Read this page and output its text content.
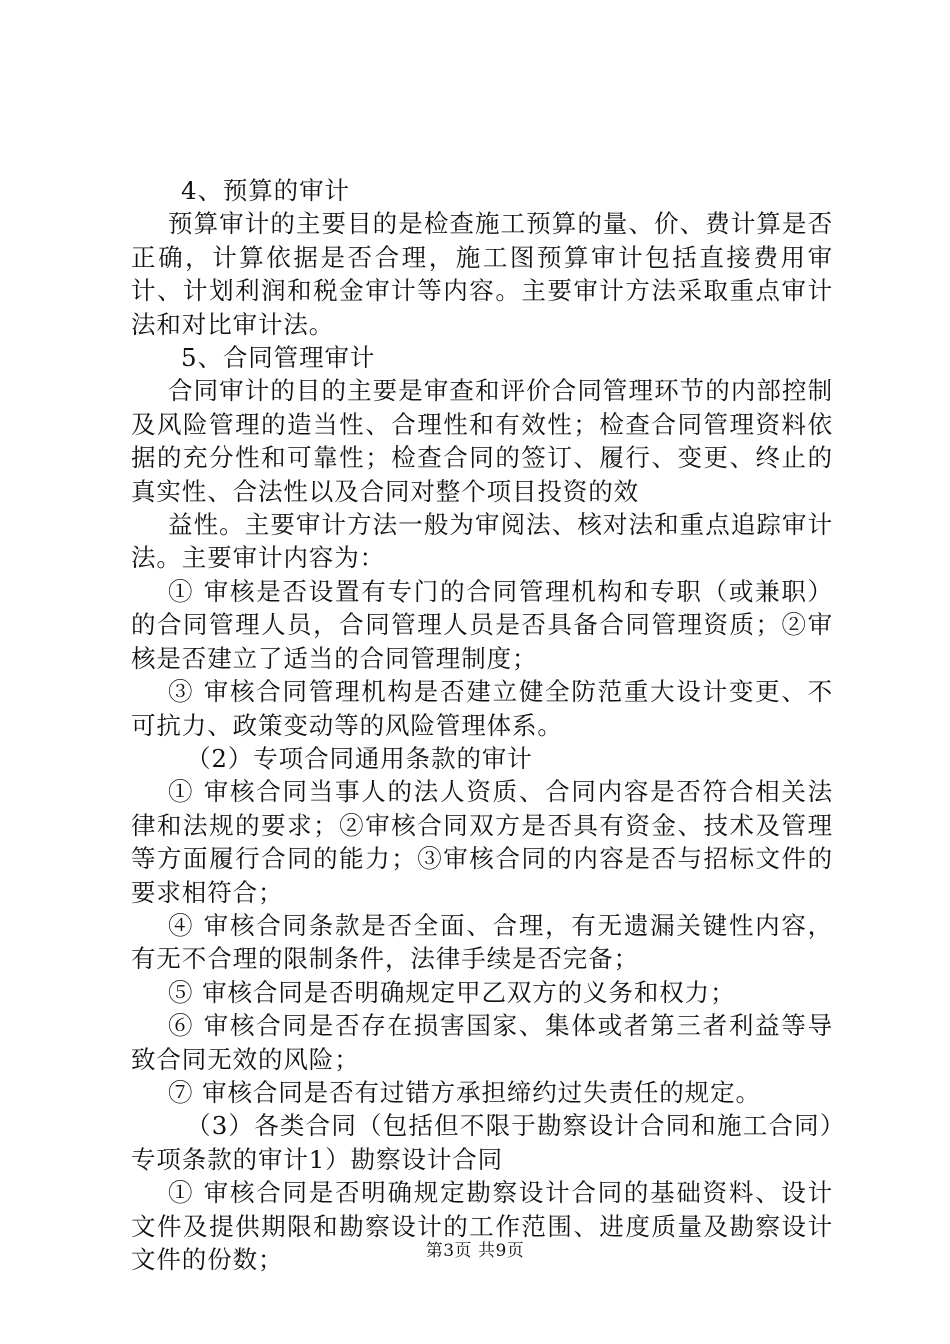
4、预算的审计

预算审计的主要目的是检查施工预算的量、价、费计算是否正确，计算依据是否合理，施工图预算审计包括直接费用审计、计划利润和税金审计等内容。主要审计方法采取重点审计法和对比审计法。

5、合同管理审计

合同审计的目的主要是审查和评价合同管理环节的内部控制及风险管理的造当性、合理性和有效性；检查合同管理资料依据的充分性和可靠性；检查合同的签订、履行、变更、终止的真实性、合法性以及合同对整个项目投资的效

益性。主要审计方法一般为审阅法、核对法和重点追踪审计法。主要审计内容为：

① 审核是否设置有专门的合同管理机构和专职（或兼职）的合同管理人员，合同管理人员是否具备合同管理资质；②审核是否建立了适当的合同管理制度；

③ 审核合同管理机构是否建立健全防范重大设计变更、不可抗力、政策变动等的风险管理体系。

（2）专项合同通用条款的审计

① 审核合同当事人的法人资质、合同内容是否符合相关法律和法规的要求；②审核合同双方是否具有资金、技术及管理等方面履行合同的能力；③审核合同的内容是否与招标文件的要求相符合；

④ 审核合同条款是否全面、合理，有无遗漏关键性内容，有无不合理的限制条件，法律手续是否完备；

⑤ 审核合同是否明确规定甲乙双方的义务和权力；

⑥ 审核合同是否存在损害国家、集体或者第三者利益等导致合同无效的风险；

⑦ 审核合同是否有过错方承担缔约过失责任的规定。

（3）各类合同（包括但不限于勘察设计合同和施工合同）专项条款的审计1）勘察设计合同

① 审核合同是否明确规定勘察设计合同的基础资料、设计文件及提供期限和勘察设计的工作范围、进度质量及勘察设计文件的份数；	第3页 共9页
